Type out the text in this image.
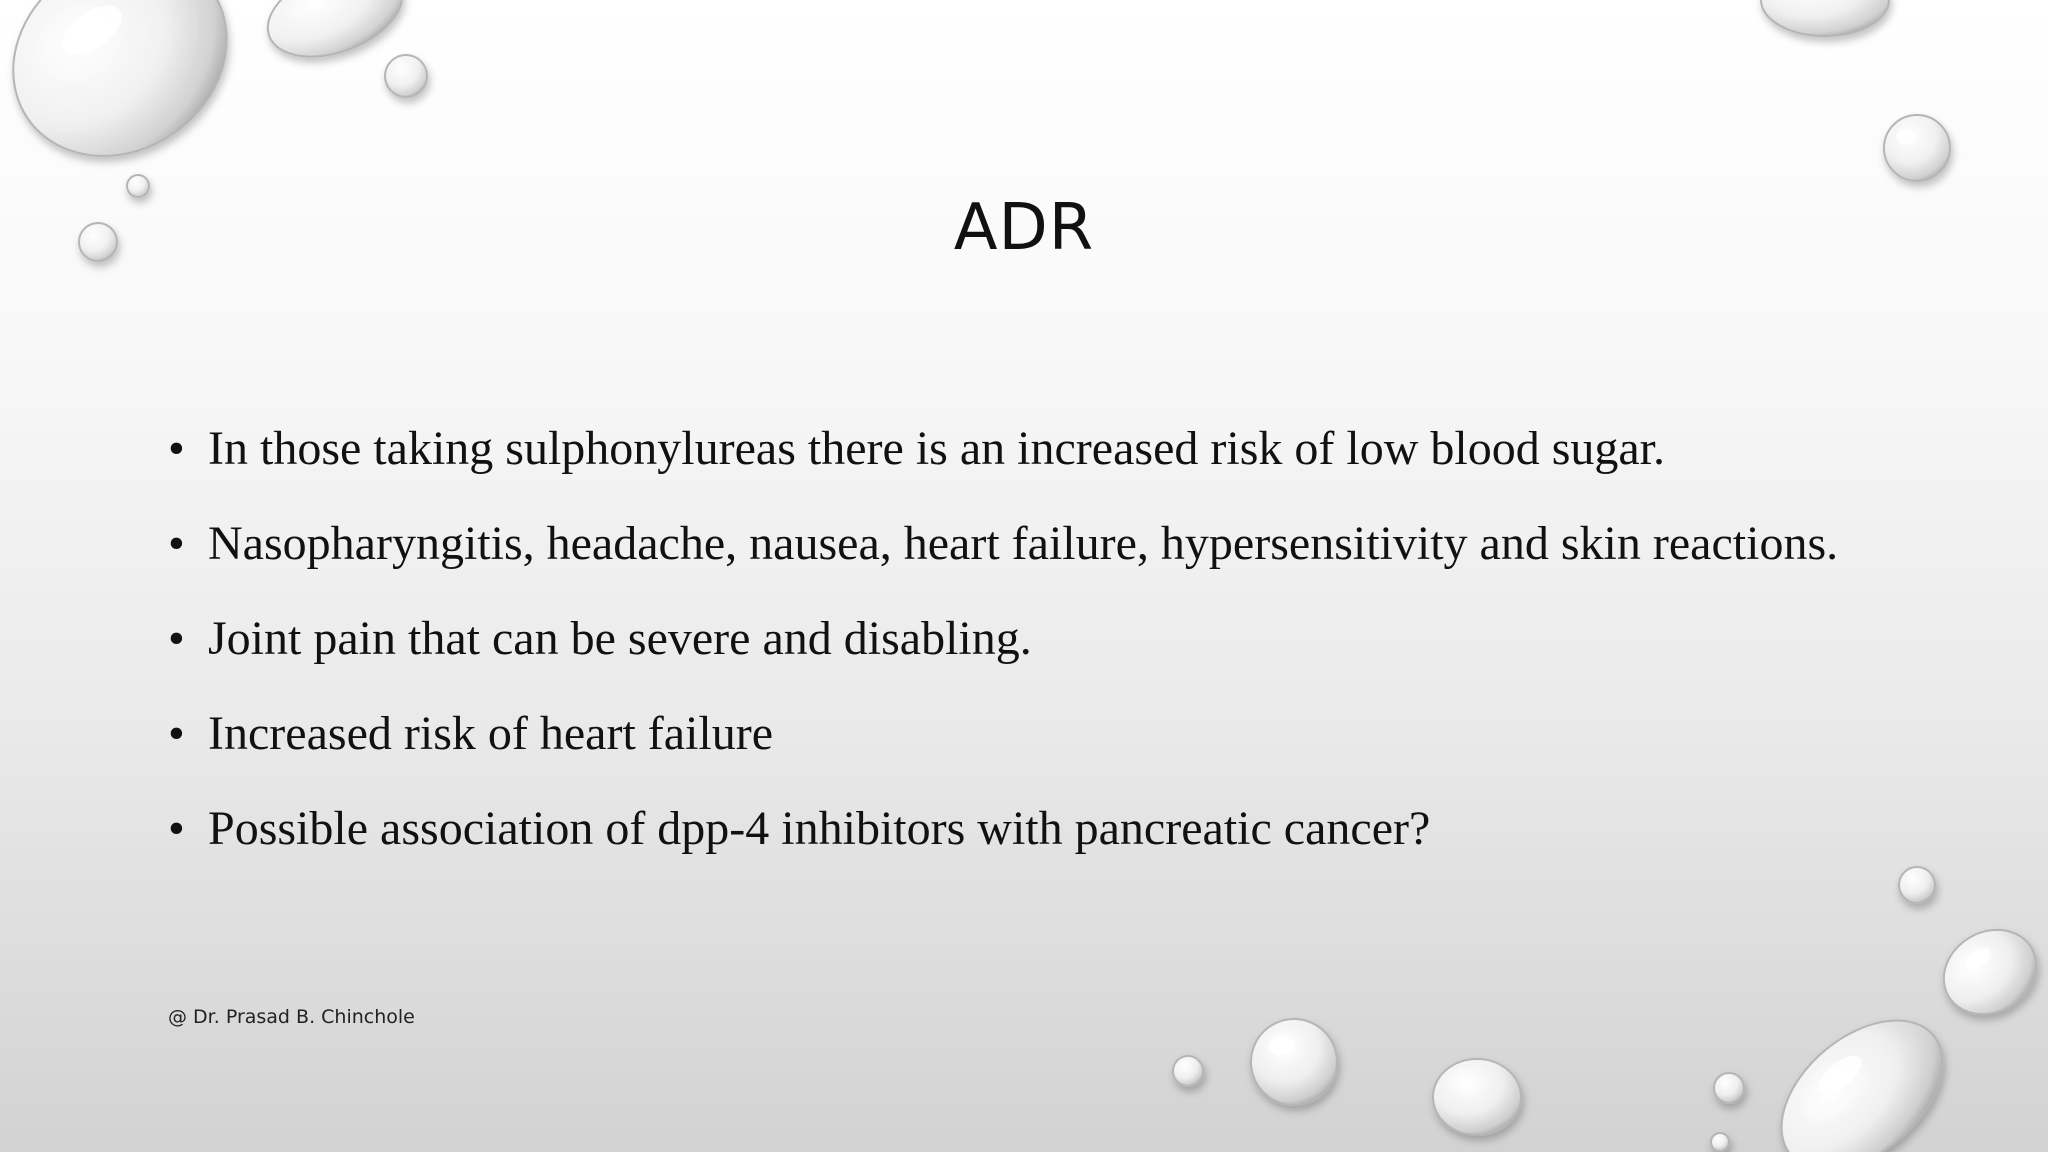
ADR
• In those taking sulphonylureas there is an increased risk of low blood sugar.
• Nasopharyngitis, headache, nausea, heart failure, hypersensitivity and skin reactions.
• Joint pain that can be severe and disabling.
• Increased risk of heart failure
• Possible association of dpp-4 inhibitors with pancreatic cancer?
@ Dr. Prasad B. Chinchole
